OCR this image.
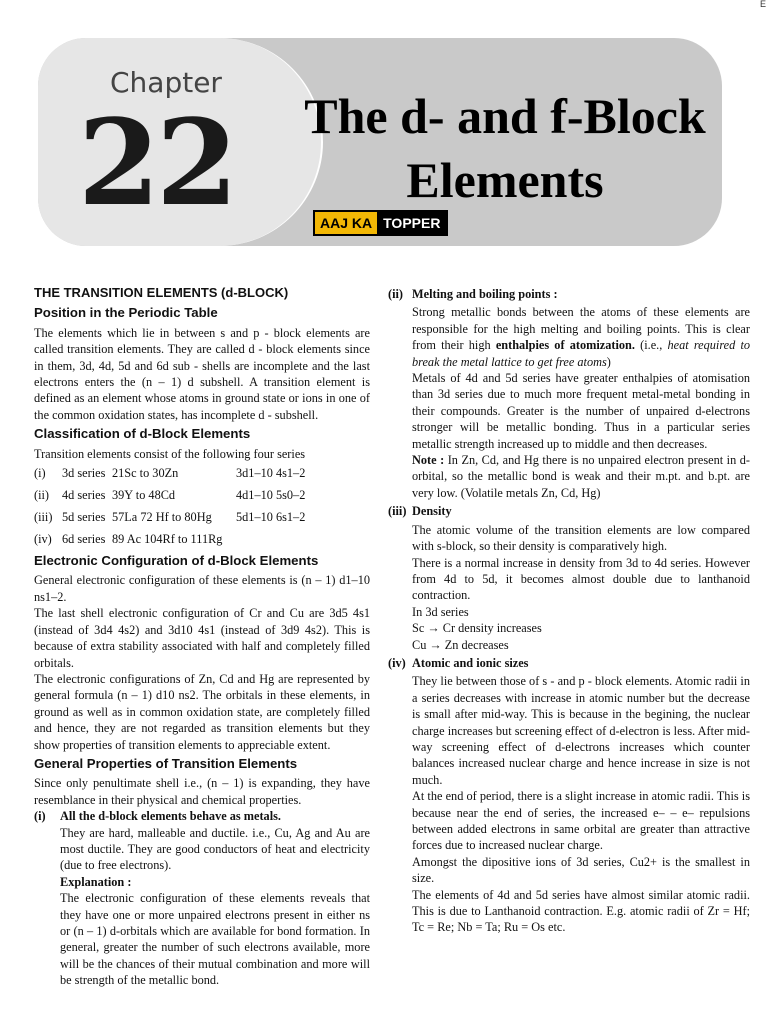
E
Chapter
22	The d- and f-Block
Elements
AAJ KA TOPPER
THE TRANSITION ELEMENTS (d-BLOCK)
Position in the Periodic Table

The elements which lie in between s and p - block elements are called transition elements. They are called d - block elements since in them, 3d, 4d, 5d and 6d sub - shells are incomplete and the last electrons enters the (n – 1) d subshell. A transition element is defined as an element whose atoms in ground state or ions in one of the common oxidation states, has incomplete d - subshell.

Classification of d-Block Elements

Transition elements consist of the following four series

(i)	3d series 21Sc to 30Zn	3d1–10 4s1–2
(ii)	4d series 39Y to 48Cd	4d1–10 5s0–2
(iii) 5d series 57La 72 Hf to 80Hg	5d1–10 6s1–2
(iv) 6d series 89 Ac 104Rf to 111Rg
Electronic Configuration of d-Block Elements

General electronic configuration of these elements is (n – 1) d1–10 ns1–2.

The last shell electronic configuration of Cr and Cu are 3d5 4s1 (instead of 3d4 4s2) and 3d10 4s1 (instead of 3d9 4s2). This is because of extra stability associated with half and completely filled orbitals.

The electronic configurations of Zn, Cd and Hg are represented by general formula (n – 1) d10 ns2. The orbitals in these elements, in ground as well as in common oxidation state, are completely filled and hence, they are not regarded as transition elements but they show properties of transition elements to appreciable extent.

General Properties of Transition Elements

Since only penultimate shell i.e., (n – 1) is expanding, they have resemblance in their physical and chemical properties.

(i)	All the d-block elements behave as metals.

They are hard, malleable and ductile. i.e., Cu, Ag and Au are most ductile. They are good conductors of heat and electricity (due to free electrons).

Explanation :

The electronic configuration of these elements reveals that they have one or more unpaired electrons present in either ns or (n – 1) d-orbitals which are available for bond formation. In general, greater the number of such electrons available, more will be the chances of their mutual combination and more will be strength of the metallic bond.

(ii) Melting and boiling points :

Strong metallic bonds between the atoms of these elements are responsible for the high melting and boiling points. This is clear from their high enthalpies of atomization. (i.e., heat required to break the metal lattice to get free atoms)

Metals of 4d and 5d series have greater enthalpies of atomisation than 3d series due to much more frequent metal-metal bonding in their compounds. Greater is the number of unpaired d-electrons stronger will be metallic bonding. Thus in a particular series metallic strength increased up to middle and then decreases.

Note : In Zn, Cd, and Hg there is no unpaired electron present in d-orbital, so the metallic bond is weak and their m.pt. and b.pt. are very low. (Volatile metals Zn, Cd, Hg)

(iii) Density

The atomic volume of the transition elements are low compared with s-block, so their density is comparatively high.

There is a normal increase in density from 3d to 4d series. However from 4d to 5d, it becomes almost double due to lanthanoid contraction.

In 3d series

Sc → Cr density increases

Cu → Zn decreases

(iv) Atomic and ionic sizes

They lie between those of s - and p - block elements. Atomic radii in a series decreases with increase in atomic number but the decrease is small after mid-way. This is because in the begining, the nuclear charge increases but screening effect of d-electron is less. After mid-way screening effect of d-electrons increases which counter balances increased nuclear charge and hence increase in size is not much.

At the end of period, there is a slight increase in atomic radii. This is because near the end of series, the increased e– – e– repulsions between added electrons in same orbital are greater than attractive forces due to increased nuclear charge.

Amongst the dipositive ions of 3d series, Cu2+ is the smallest in size.

The elements of 4d and 5d series have almost similar atomic radii. This is due to Lanthanoid contraction. E.g. atomic radii of Zr = Hf; Tc = Re; Nb = Ta; Ru = Os etc.
